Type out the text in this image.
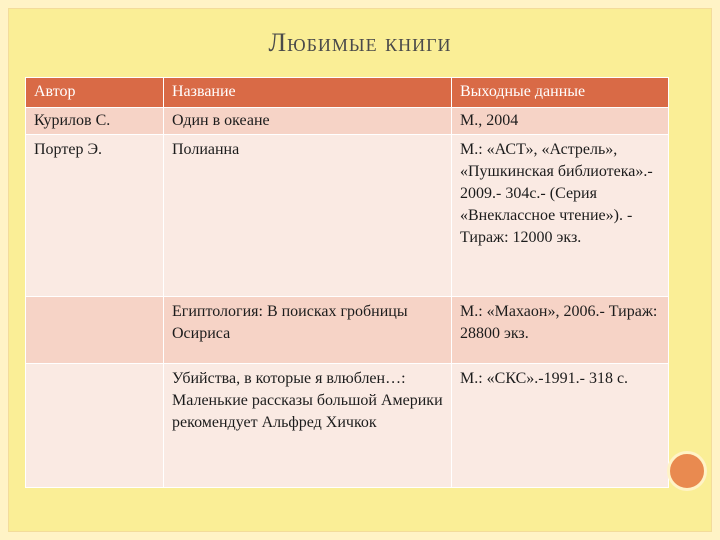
Любимые книги
Автор	Название	Выходные данные
Курилов С.	Один в океане	М., 2004
Портер Э.	Полианна	М.: «АСТ», «Астрель», «Пушкинская библиотека».- 2009.- 304с.- (Серия «Внеклассное чтение»). - Тираж: 12000 экз.
	Египтология: В поисках гробницы Осириса	М.: «Махаон», 2006.- Тираж: 28800 экз.
	Убийства, в которые я влюблен…: Маленькие рассказы большой Америки рекомендует Альфред Хичкок	М.: «СКС».-1991.- 318 с.
